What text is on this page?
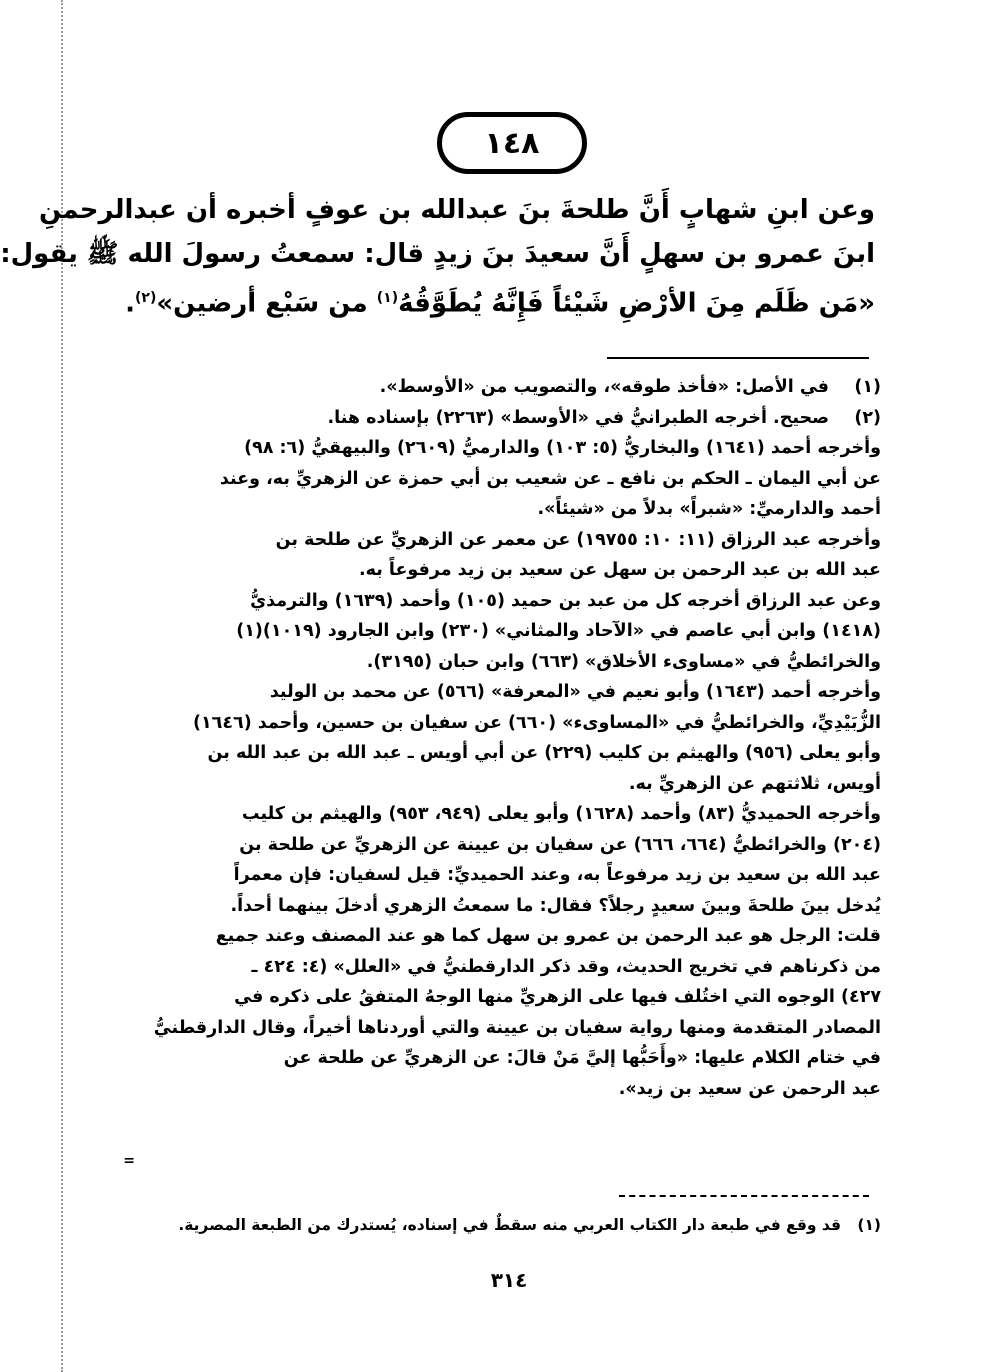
١٤٨
وعن ابنِ شهابٍ أَنَّ طلحةَ بنَ عبدالله بن عوفٍ أخبره أن عبدالرحمنِ
ابنَ عمرو بن سهلٍ أَنَّ سعيدَ بنَ زيدٍ قال: سمعتُ رسولَ الله ﷺ يقول:
«مَن ظَلَم مِنَ الأرْضِ شَيْئاً فَإِنَّهُ يُطَوَّقُهُ$^{(١)}$ من سَبْع أرضين»$^{(٢)}$.
(١)
في الأصل: «فأخذ طوقه»، والتصويب من «الأوسط».
(٢)
صحيح. أخرجه الطبرانيُّ في «الأوسط» (٢٢٦٣) بإسناده هنا.
وأخرجه أحمد (١٦٤١) والبخاريُّ (٥: ١٠٣) والدارميُّ (٢٦٠٩) والبيهقيُّ (٦: ٩٨)
عن أبي اليمان ـ الحكم بن نافع ـ عن شعيب بن أبي حمزة عن الزهريِّ به، وعند
أحمد والدارميِّ: «شبراً» بدلاً من «شيئاً».
وأخرجه عبد الرزاق (١١: ١٠: ١٩٧٥٥) عن معمر عن الزهريِّ عن طلحة بن
عبد الله بن عبد الرحمن بن سهل عن سعيد بن زيد مرفوعاً به.
وعن عبد الرزاق أخرجه كل من عبد بن حميد (١٠٥) وأحمد (١٦٣٩) والترمذيُّ
(١٤١٨) وابن أبي عاصم في «الآحاد والمثاني» (٢٣٠) وابن الجارود (١٠١٩)(١)
والخرائطيُّ في «مساوىء الأخلاق» (٦٦٣) وابن حبان (٣١٩٥).
وأخرجه أحمد (١٦٤٣) وأبو نعيم في «المعرفة» (٥٦٦) عن محمد بن الوليد
الزُّبَيْدِيِّ، والخرائطيُّ في «المساوىء» (٦٦٠) عن سفيان بن حسين، وأحمد (١٦٤٦)
وأبو يعلى (٩٥٦) والهيثم بن كليب (٢٢٩) عن أبي أويس ـ عبد الله بن عبد الله بن
أويس، ثلاثتهم عن الزهريِّ به.
وأخرجه الحميديُّ (٨٣) وأحمد (١٦٢٨) وأبو يعلى (٩٤٩، ٩٥٣) والهيثم بن كليب
(٢٠٤) والخرائطيُّ (٦٦٤، ٦٦٦) عن سفيان بن عيينة عن الزهريِّ عن طلحة بن
عبد الله بن سعيد بن زيد مرفوعاً به، وعند الحميديِّ: قيل لسفيان: فإن معمراً
يُدخل بينَ طلحةَ وبينَ سعيدٍ رجلاً؟ فقال: ما سمعتُ الزهري أدخلَ بينهما أحداً.
قلت: الرجل هو عبد الرحمن بن عمرو بن سهل كما هو عند المصنف وعند جميع
من ذكرناهم في تخريج الحديث، وقد ذكر الدارقطنيُّ في «العلل» (٤: ٤٢٤ ـ
٤٢٧) الوجوه التي اختُلف فيها على الزهريِّ منها الوجهُ المتفقُ على ذكره في
المصادر المتقدمة ومنها رواية سفيان بن عيينة والتي أوردناها أخيراً، وقال الدارقطنيُّ
في ختام الكلام عليها: «وأَحَبُّها إليَّ مَنْ قالَ: عن الزهريِّ عن طلحة عن
عبد الرحمن عن سعيد بن زيد».
=
(١)
قد وقع في طبعة دار الكتاب العربي منه سقطٌ في إسناده، يُستدرك من الطبعة المصرية.
٣١٤
